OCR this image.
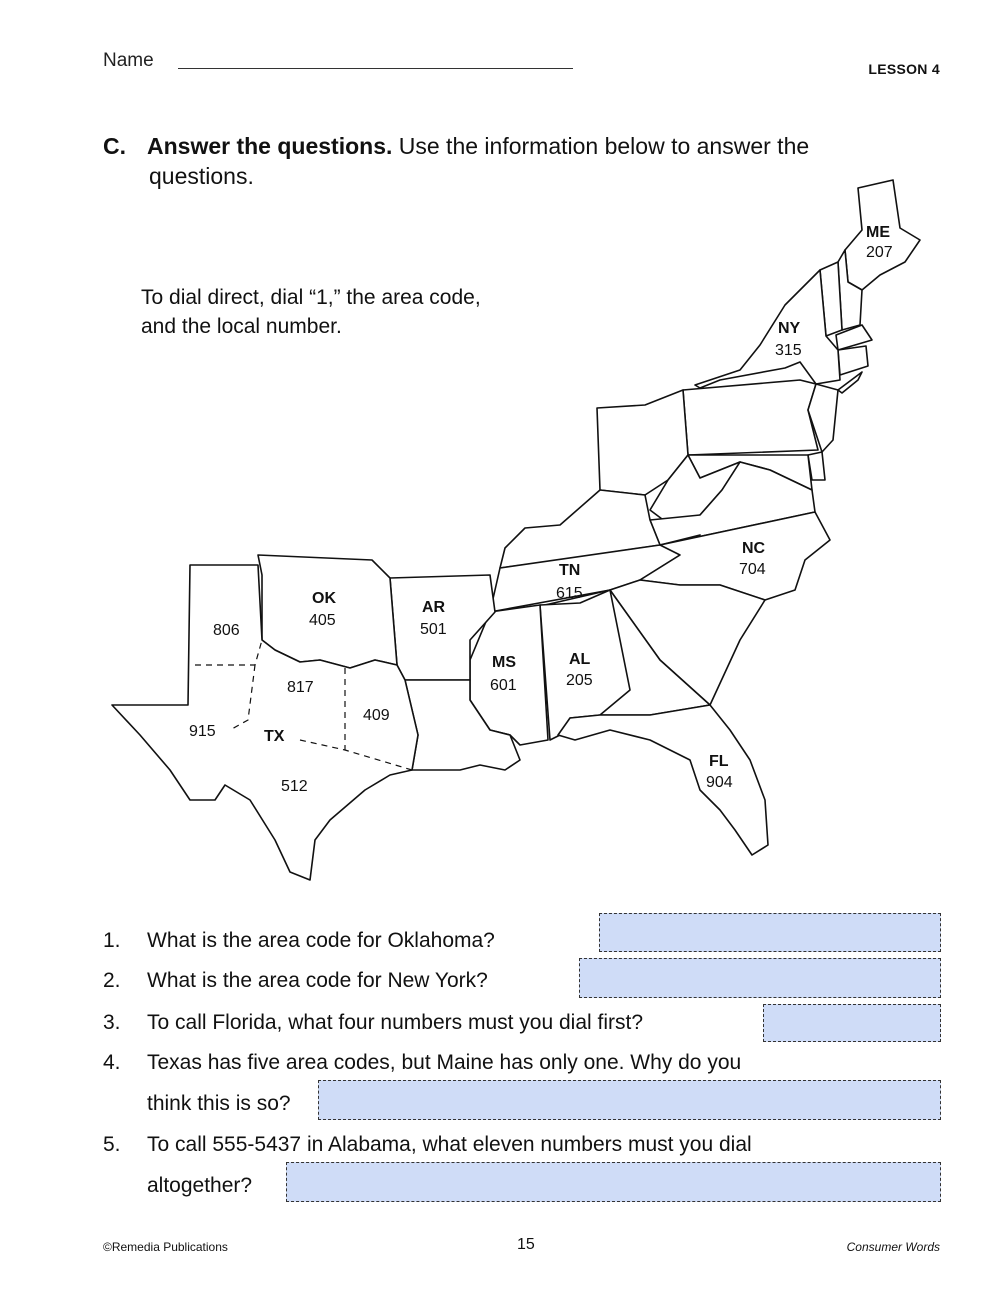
Name	LESSON 4
C. Answer the questions. Use the information below to answer the
questions.
To dial direct, dial “1,” the area code,
and the local number.
ME
207
NY
315
NC
704
TN
615
OK
405
AR
501
MS
601
AL
205
FL
904
TX
806
817
409
915
512
1. What is the area code for Oklahoma?
2. What is the area code for New York?
3. To call Florida, what four numbers must you dial first?
4. Texas has five area codes, but Maine has only one. Why do you
think this is so?
5. To call 555-5437 in Alabama, what eleven numbers must you dial
altogether?
©Remedia Publications	15	Consumer Words
